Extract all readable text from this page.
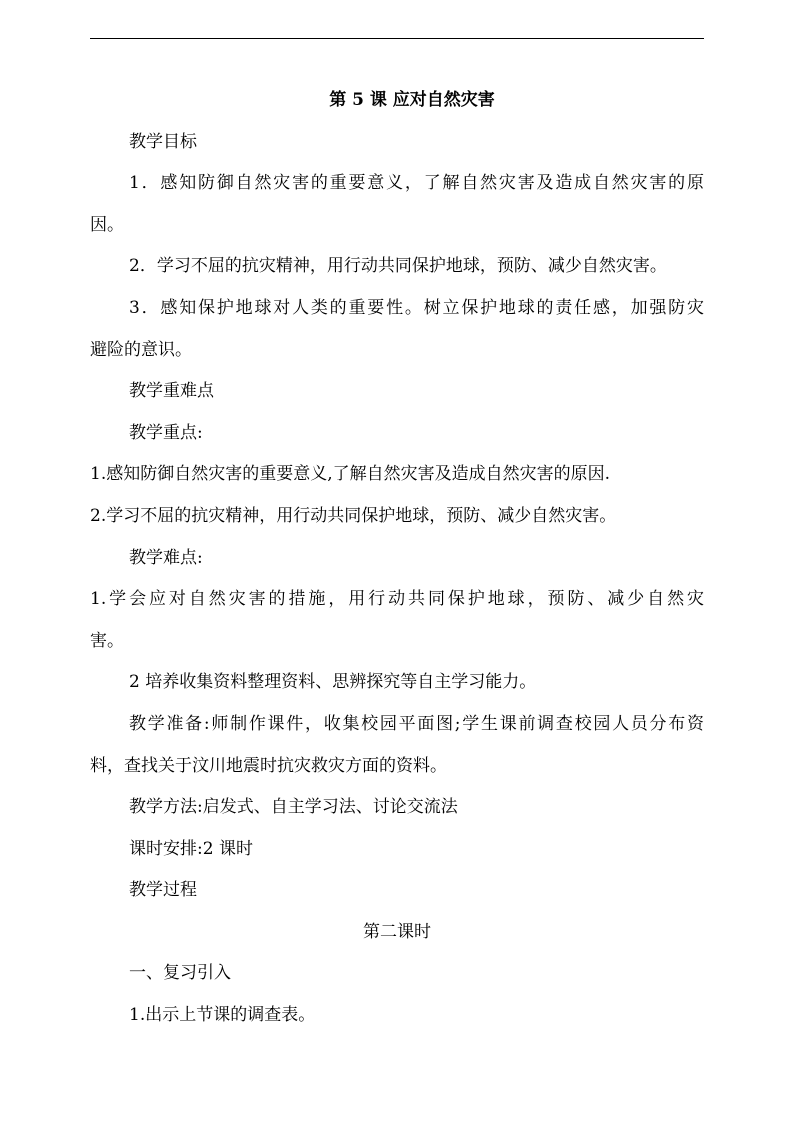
第 5 课 应对自然灾害
教学目标
1．感知防御自然灾害的重要意义，了解自然灾害及造成自然灾害的原
因。
2．学习不屈的抗灾精神，用行动共同保护地球，预防、减少自然灾害。
3．感知保护地球对人类的重要性。树立保护地球的责任感，加强防灾
避险的意识。
教学重难点
教学重点:
1.感知防御自然灾害的重要意义,了解自然灾害及造成自然灾害的原因.
2.学习不屈的抗灾精神，用行动共同保护地球，预防、减少自然灾害。
教学难点:
1.学会应对自然灾害的措施，用行动共同保护地球，预防、减少自然灾
害。
2 培养收集资料整理资料、思辨探究等自主学习能力。
教学准备:师制作课件，收集校园平面图;学生课前调查校园人员分布资
料，查找关于汶川地震时抗灾救灾方面的资料。
教学方法:启发式、自主学习法、讨论交流法
课时安排:2 课时
教学过程
第二课时
一、复习引入
1.出示上节课的调查表。
